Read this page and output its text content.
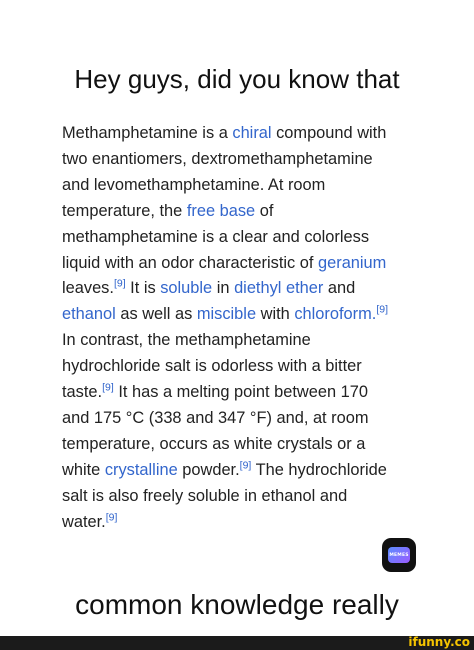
Hey guys, did you know that
Methamphetamine is a chiral compound with
two enantiomers, dextromethamphetamine
and levomethamphetamine. At room
temperature, the free base of
methamphetamine is a clear and colorless
liquid with an odor characteristic of geranium
leaves.[9] It is soluble in diethyl ether and
ethanol as well as miscible with chloroform.[9]
In contrast, the methamphetamine
hydrochloride salt is odorless with a bitter
taste.[9] It has a melting point between 170
and 175 °C (338 and 347 °F) and, at room
temperature, occurs as white crystals or a
white crystalline powder.[9] The hydrochloride
salt is also freely soluble in ethanol and
water.[9]
MEMES
common knowledge really
ifunny.co
